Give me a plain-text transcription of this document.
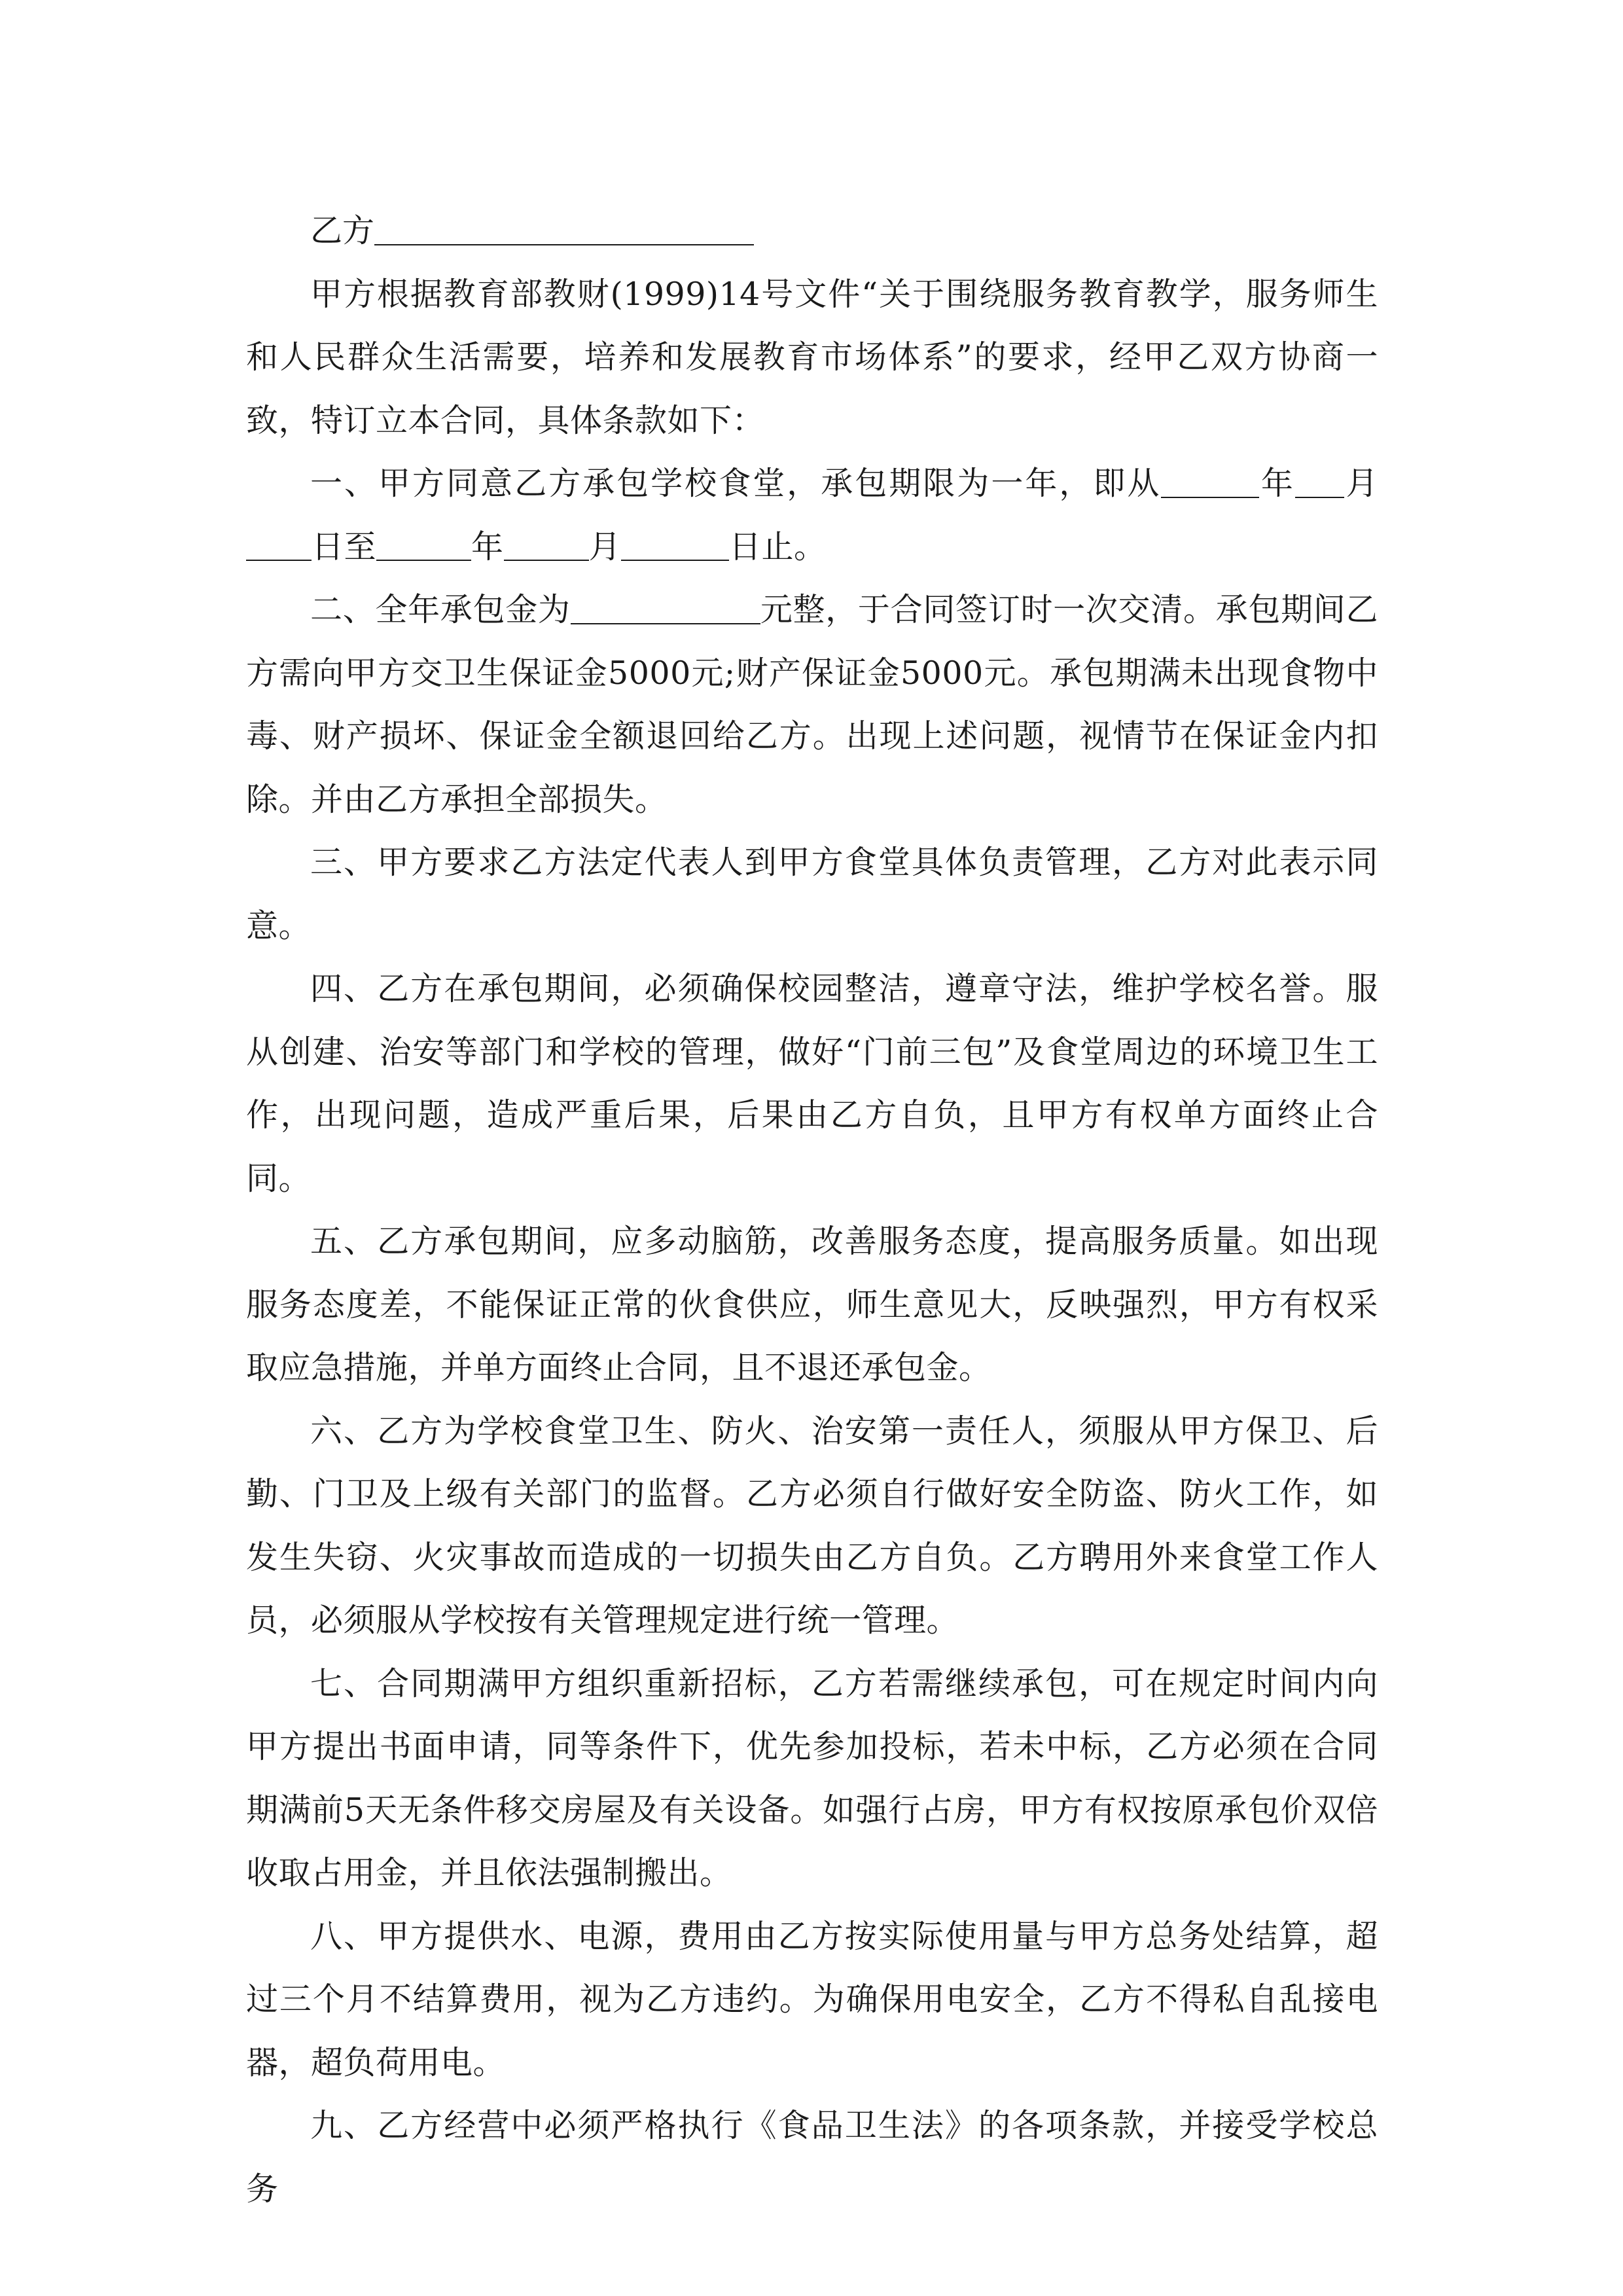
乙方

甲方根据教育部教财(1999)14号文件“关于围绕服务教育教学，服务师生和人民群众生活需要，培养和发展教育市场体系”的要求，经甲乙双方协商一致，特订立本合同，具体条款如下：

一、甲方同意乙方承包学校食堂，承包期限为一年，即从	年 月日至	年	月	日止。

二、全年承包金为	元整，于合同签订时一次交清。承包期间乙方需向甲方交卫生保证金5000元;财产保证金5000元。承包期满未出现食物中毒、财产损坏、保证金全额退回给乙方。出现上述问题，视情节在保证金内扣除。并由乙方承担全部损失。

三、甲方要求乙方法定代表人到甲方食堂具体负责管理，乙方对此表示同意。

四、乙方在承包期间，必须确保校园整洁，遵章守法，维护学校名誉。服从创建、治安等部门和学校的管理，做好“门前三包”及食堂周边的环境卫生工作，出现问题，造成严重后果，后果由乙方自负，且甲方有权单方面终止合同。

五、乙方承包期间，应多动脑筋，改善服务态度，提高服务质量。如出现服务态度差，不能保证正常的伙食供应，师生意见大，反映强烈，甲方有权采取应急措施，并单方面终止合同，且不退还承包金。

六、乙方为学校食堂卫生、防火、治安第一责任人，须服从甲方保卫、后勤、门卫及上级有关部门的监督。乙方必须自行做好安全防盗、防火工作，如发生失窃、火灾事故而造成的一切损失由乙方自负。乙方聘用外来食堂工作人员，必须服从学校按有关管理规定进行统一管理。

七、合同期满甲方组织重新招标，乙方若需继续承包，可在规定时间内向甲方提出书面申请，同等条件下，优先参加投标，若未中标，乙方必须在合同期满前5天无条件移交房屋及有关设备。如强行占房，甲方有权按原承包价双倍收取占用金，并且依法强制搬出。

八、甲方提供水、电源，费用由乙方按实际使用量与甲方总务处结算，超过三个月不结算费用，视为乙方违约。为确保用电安全，乙方不得私自乱接电器，超负荷用电。

九、乙方经营中必须严格执行《食品卫生法》的各项条款，并接受学校总务
